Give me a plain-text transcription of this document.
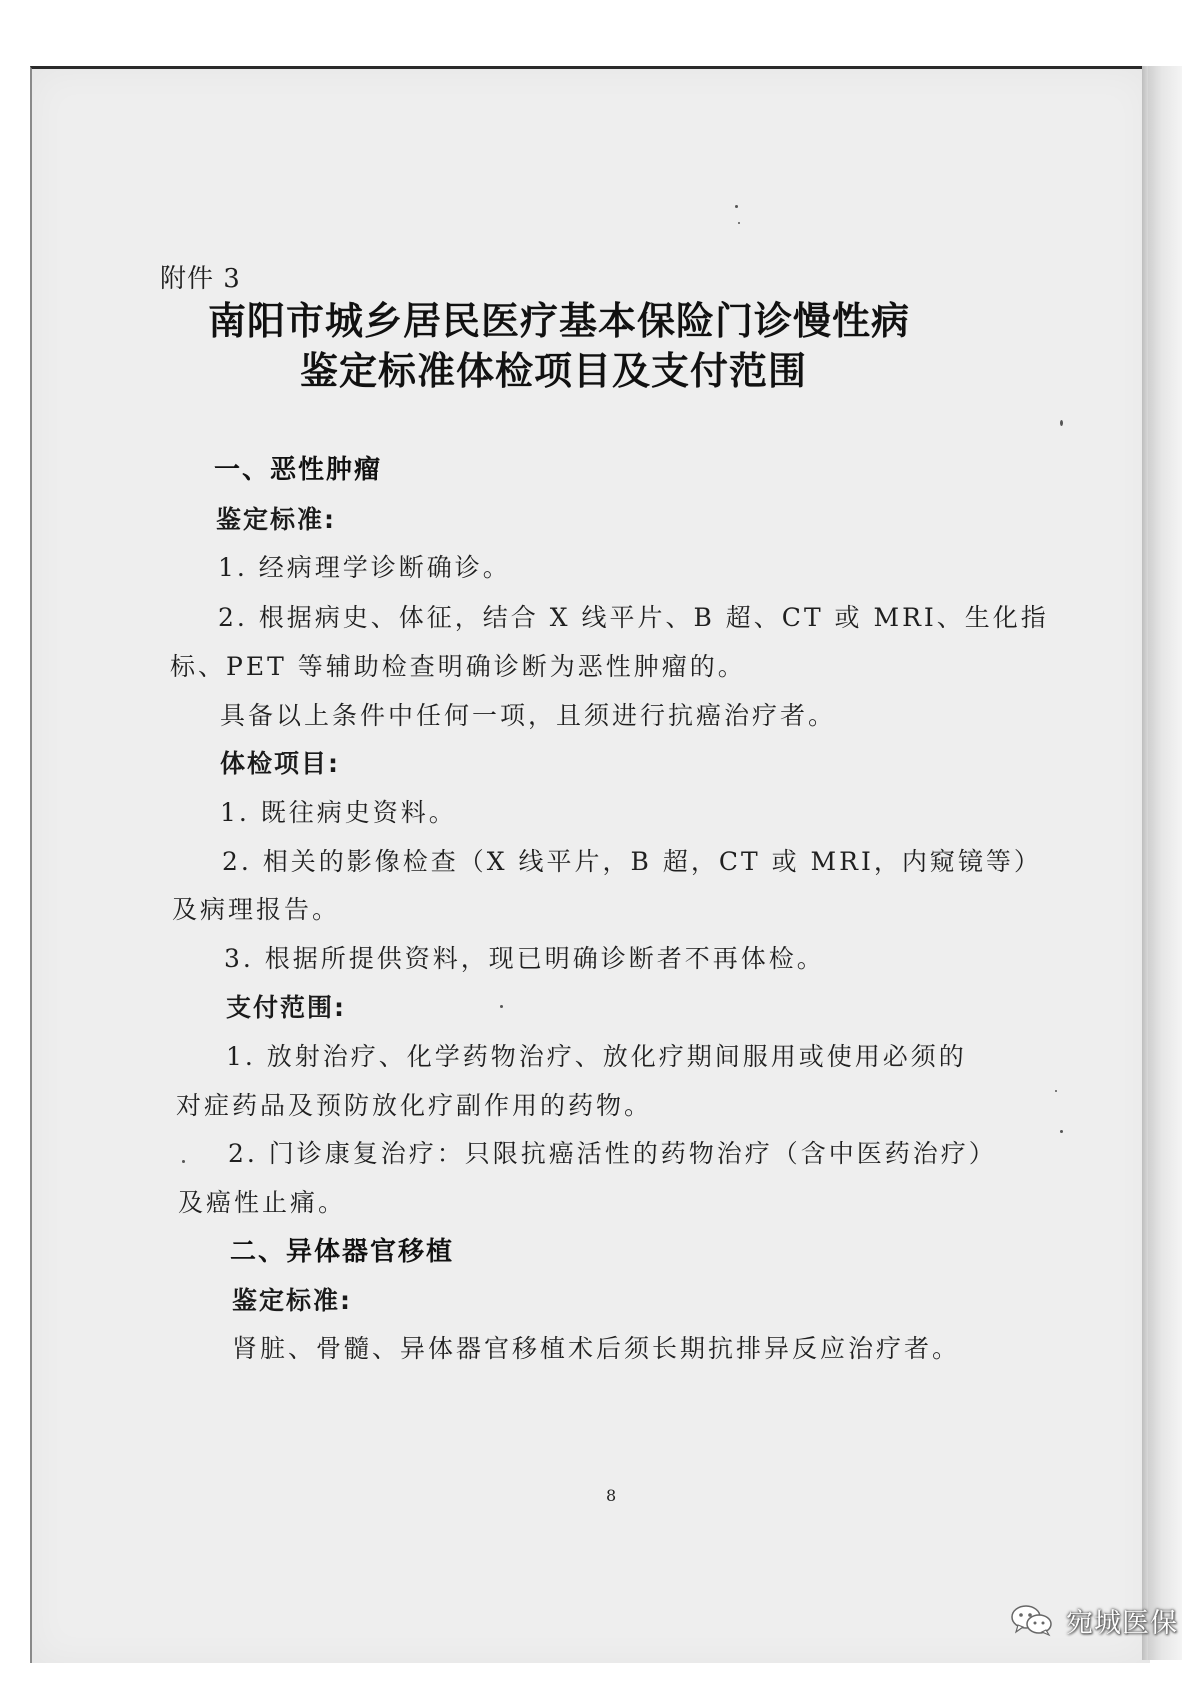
附件 3
南阳市城乡居民医疗基本保险门诊慢性病
鉴定标准体检项目及支付范围
一、恶性肿瘤
鉴定标准:
1. 经病理学诊断确诊。
2. 根据病史、体征，结合 X 线平片、B 超、CT 或 MRI、生化指
标、PET 等辅助检查明确诊断为恶性肿瘤的。
具备以上条件中任何一项，且须进行抗癌治疗者。
体检项目:
1. 既往病史资料。
2. 相关的影像检查（X 线平片，B 超，CT 或 MRI，内窥镜等）
及病理报告。
3. 根据所提供资料，现已明确诊断者不再体检。
支付范围:
1. 放射治疗、化学药物治疗、放化疗期间服用或使用必须的
对症药品及预防放化疗副作用的药物。
2. 门诊康复治疗：只限抗癌活性的药物治疗（含中医药治疗）
及癌性止痛。
二、异体器官移植
鉴定标准:
肾脏、骨髓、异体器官移植术后须长期抗排异反应治疗者。
8
宛城医保
